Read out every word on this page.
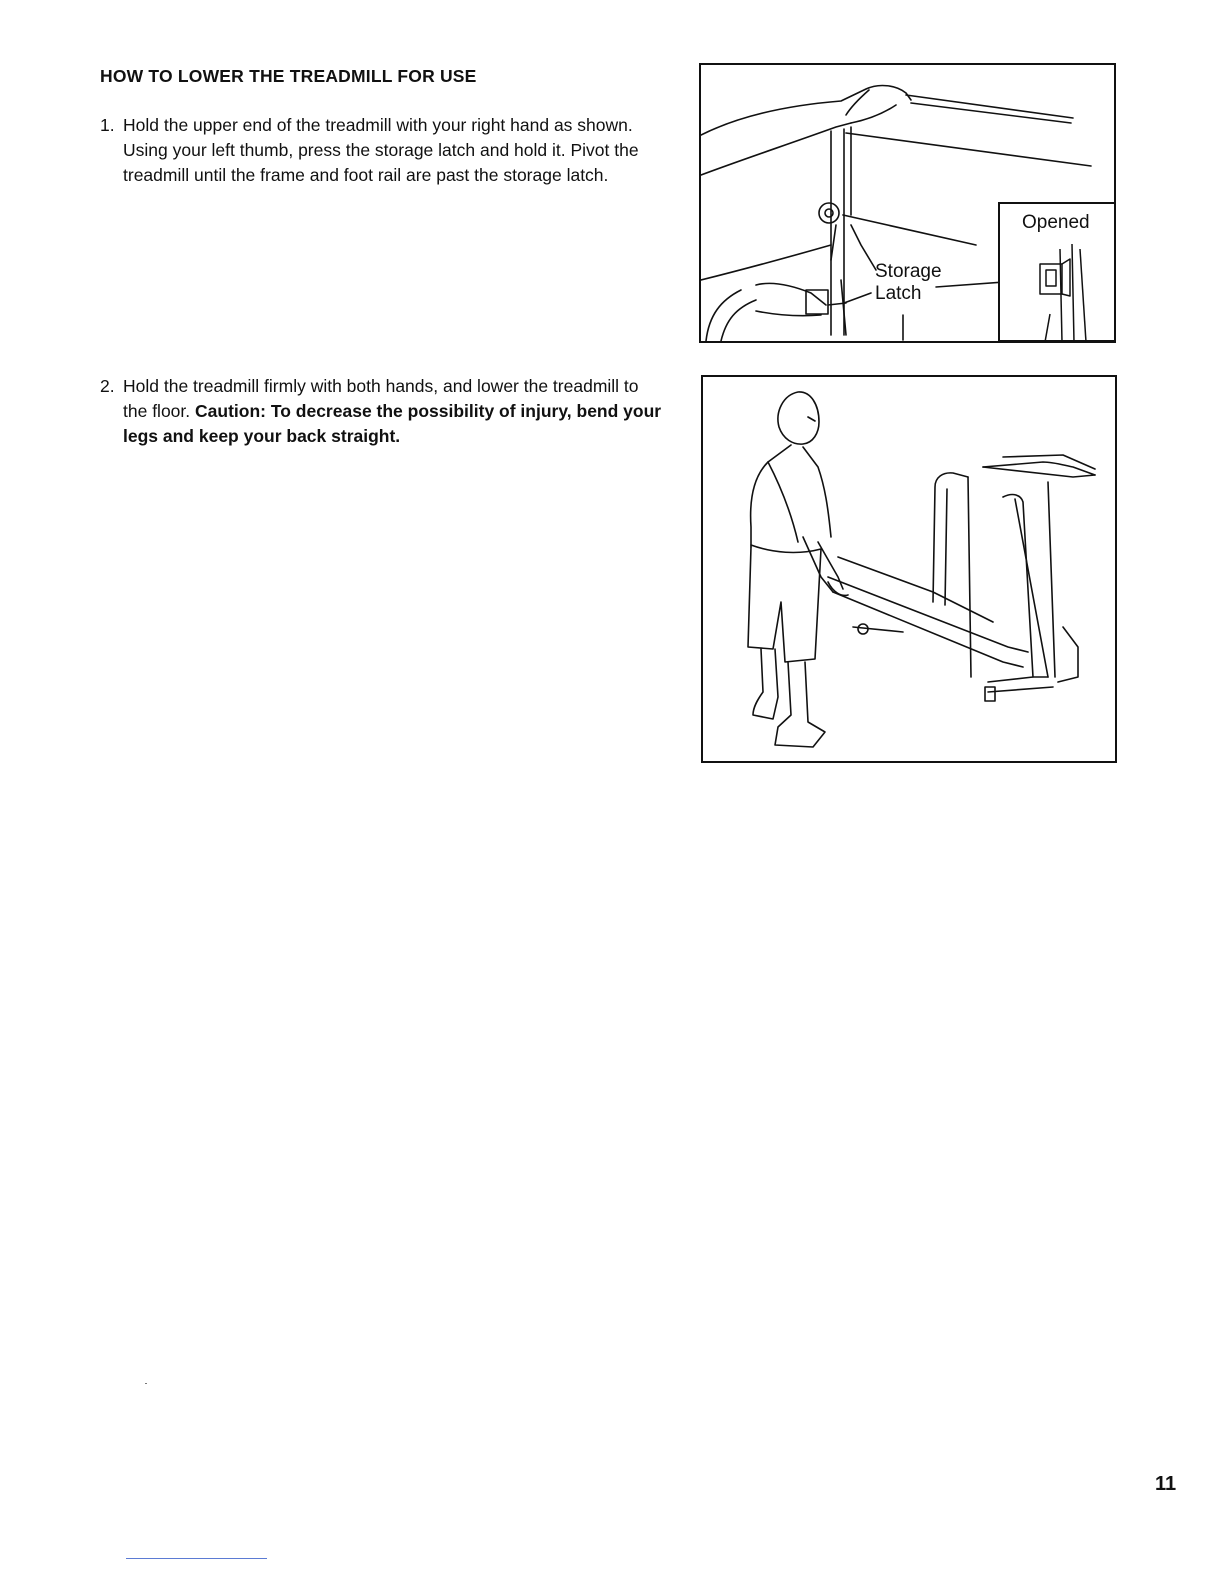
HOW TO LOWER THE TREADMILL FOR USE
1. Hold the upper end of the treadmill with your right hand as shown. Using your left thumb, press the storage latch and hold it. Pivot the treadmill until the frame and foot rail are past the storage latch.
2. Hold the treadmill firmly with both hands, and lower the treadmill to the floor. Caution: To decrease the possibility of injury, bend your legs and keep your back straight.
Storage
Latch
Opened
11
